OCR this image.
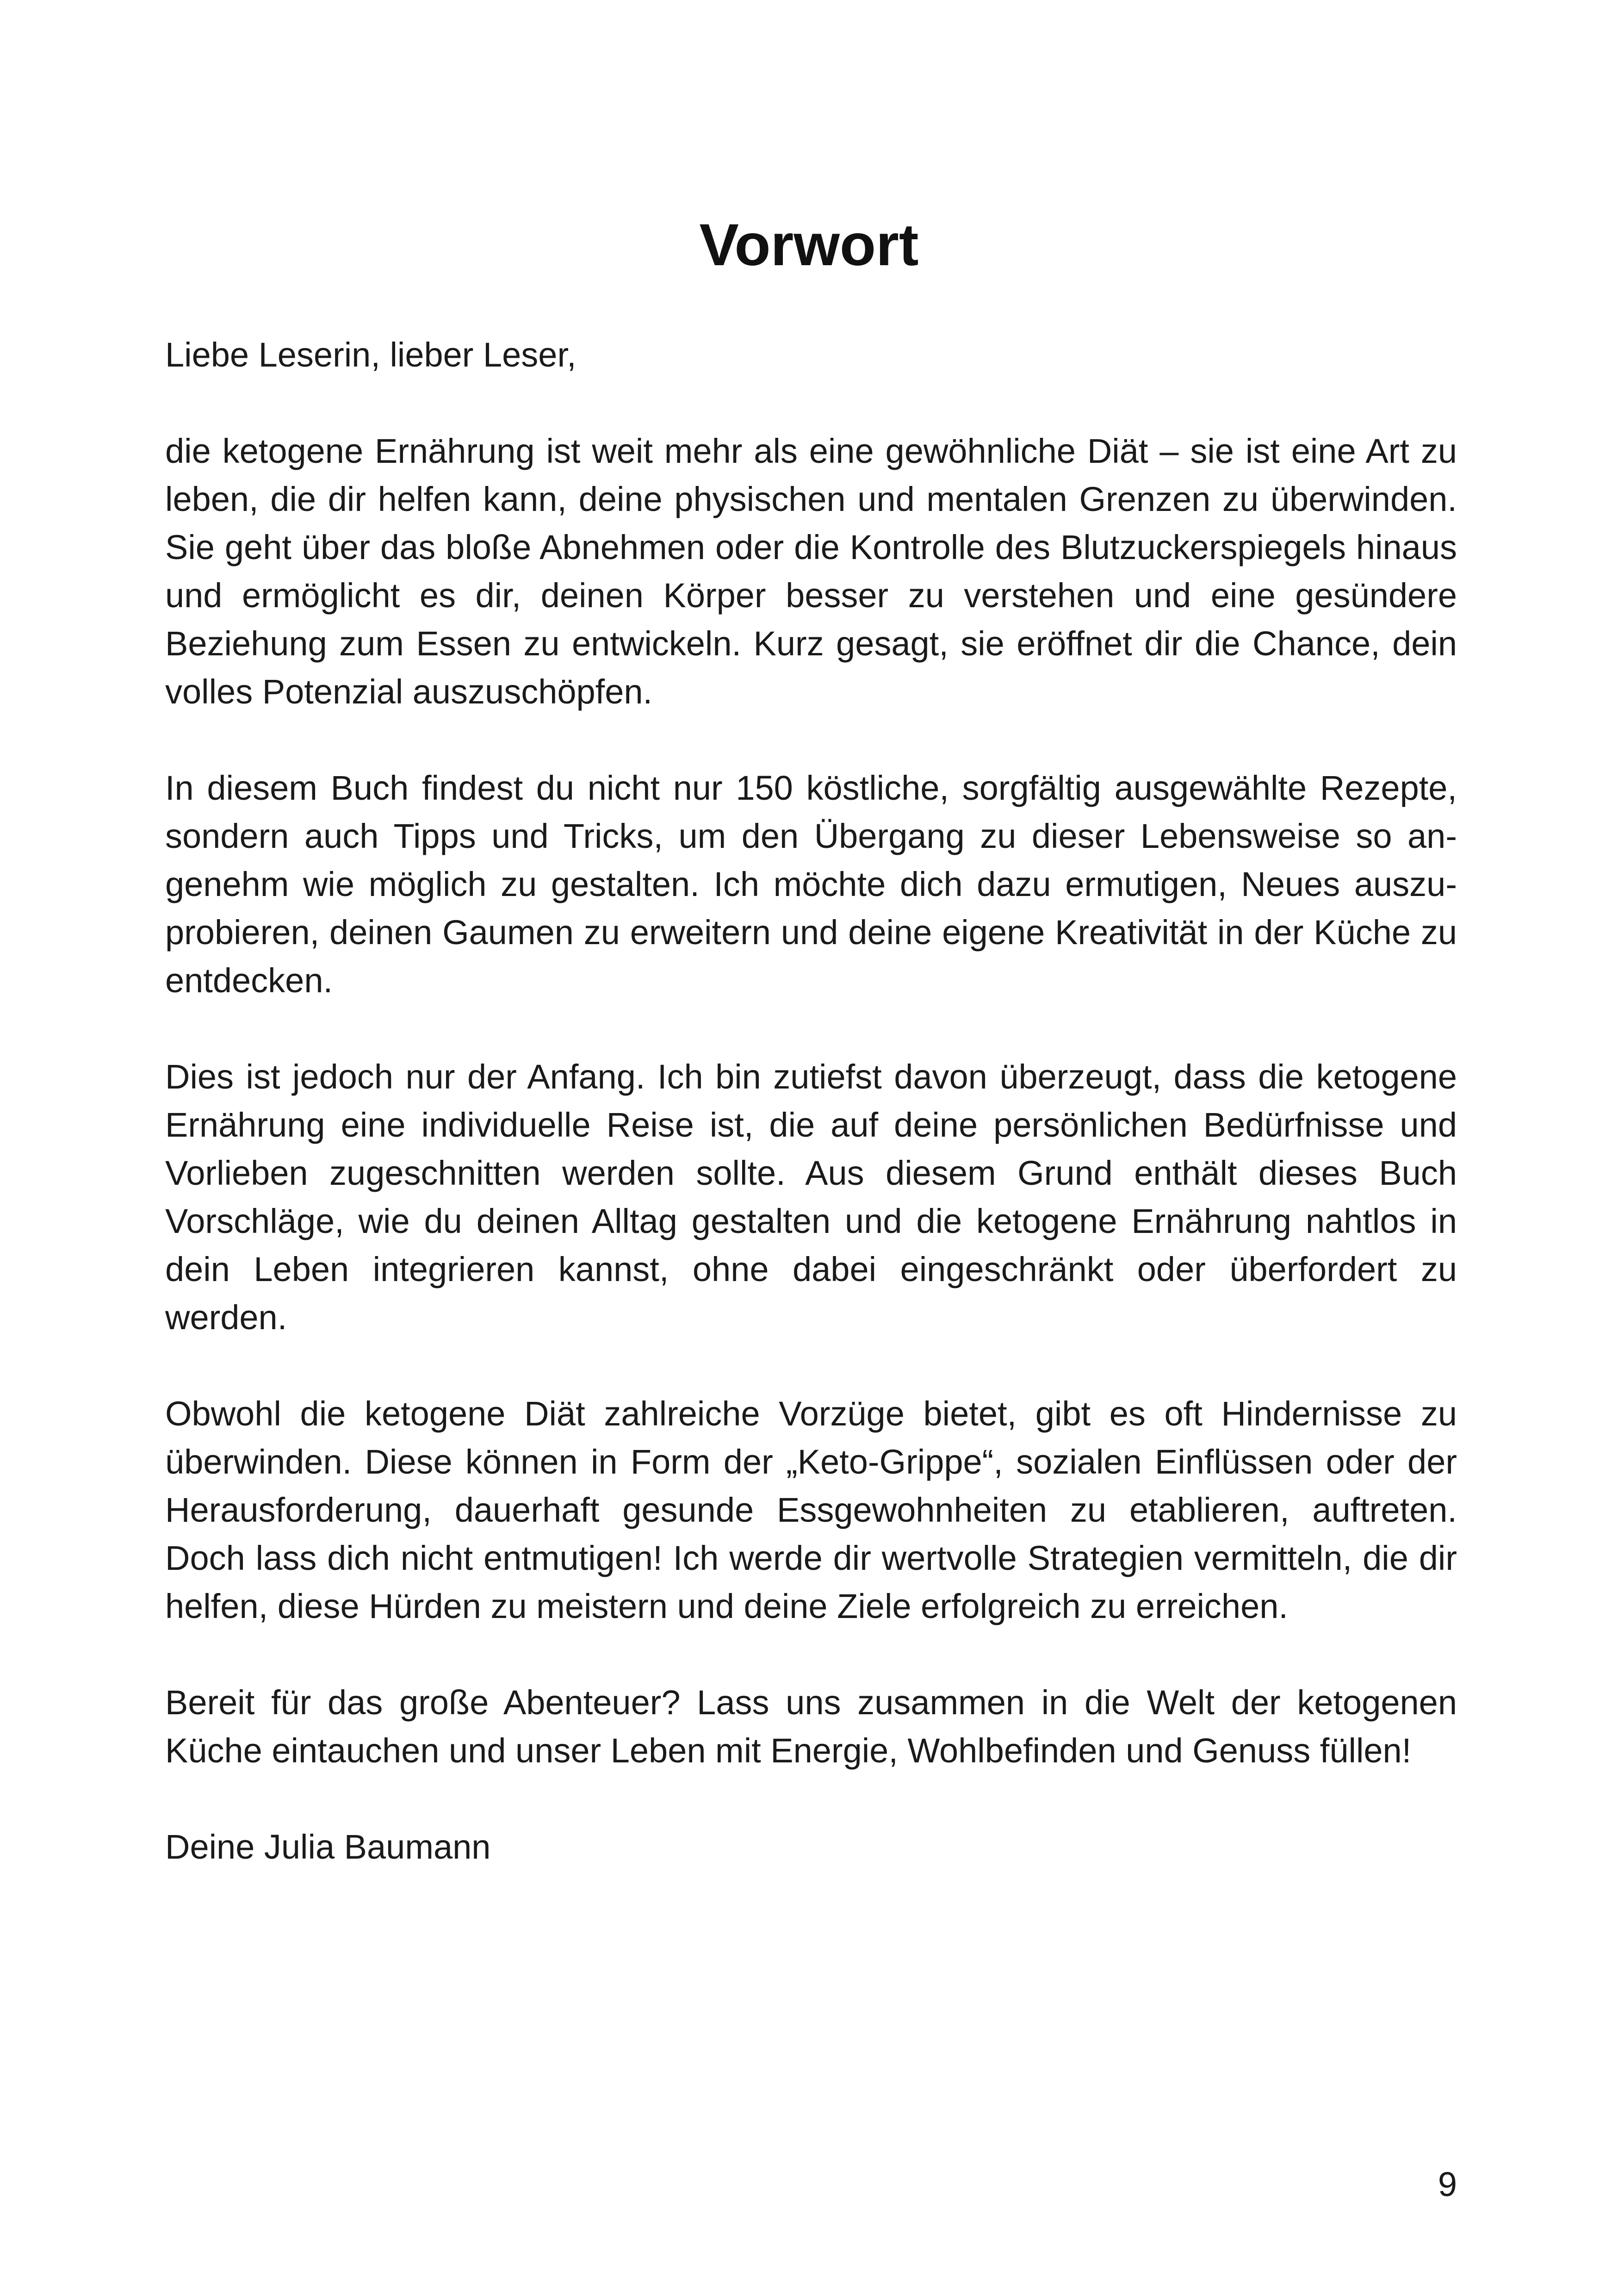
Vorwort

Liebe Leserin, lieber Leser,

die ketogene Ernährung ist weit mehr als eine gewöhnliche Diät – sie ist eine Art zu leben, die dir helfen kann, deine physischen und mentalen Grenzen zu überwinden. Sie geht über das bloße Abnehmen oder die Kontrolle des Blutzuckerspiegels hinaus und ermöglicht es dir, deinen Körper besser zu verstehen und eine gesündere Beziehung zum Essen zu entwickeln. Kurz gesagt, sie eröffnet dir die Chance, dein volles Potenzial auszuschöpfen.

In diesem Buch findest du nicht nur 150 köstliche, sorgfältig ausgewählte Rezepte, sondern auch Tipps und Tricks, um den Übergang zu dieser Lebensweise so angenehm wie möglich zu gestalten. Ich möchte dich dazu ermutigen, Neues auszuprobieren, deinen Gaumen zu erweitern und deine eigene Kreativität in der Küche zu entdecken.

Dies ist jedoch nur der Anfang. Ich bin zutiefst davon überzeugt, dass die ketogene Ernährung eine individuelle Reise ist, die auf deine persönlichen Bedürfnisse und Vorlieben zugeschnitten werden sollte. Aus diesem Grund enthält dieses Buch Vorschläge, wie du deinen Alltag gestalten und die ketogene Ernährung nahtlos in dein Leben integrieren kannst, ohne dabei eingeschränkt oder überfordert zu werden.

Obwohl die ketogene Diät zahlreiche Vorzüge bietet, gibt es oft Hindernisse zu überwinden. Diese können in Form der „Keto-Grippe“, sozialen Einflüssen oder der Herausforderung, dauerhaft gesunde Essgewohnheiten zu etablieren, auftreten. Doch lass dich nicht entmutigen! Ich werde dir wertvolle Strategien vermitteln, die dir helfen, diese Hürden zu meistern und deine Ziele erfolgreich zu erreichen.

Bereit für das große Abenteuer? Lass uns zusammen in die Welt der ketogenen Küche eintauchen und unser Leben mit Energie, Wohlbefinden und Genuss füllen!

Deine Julia Baumann

9
